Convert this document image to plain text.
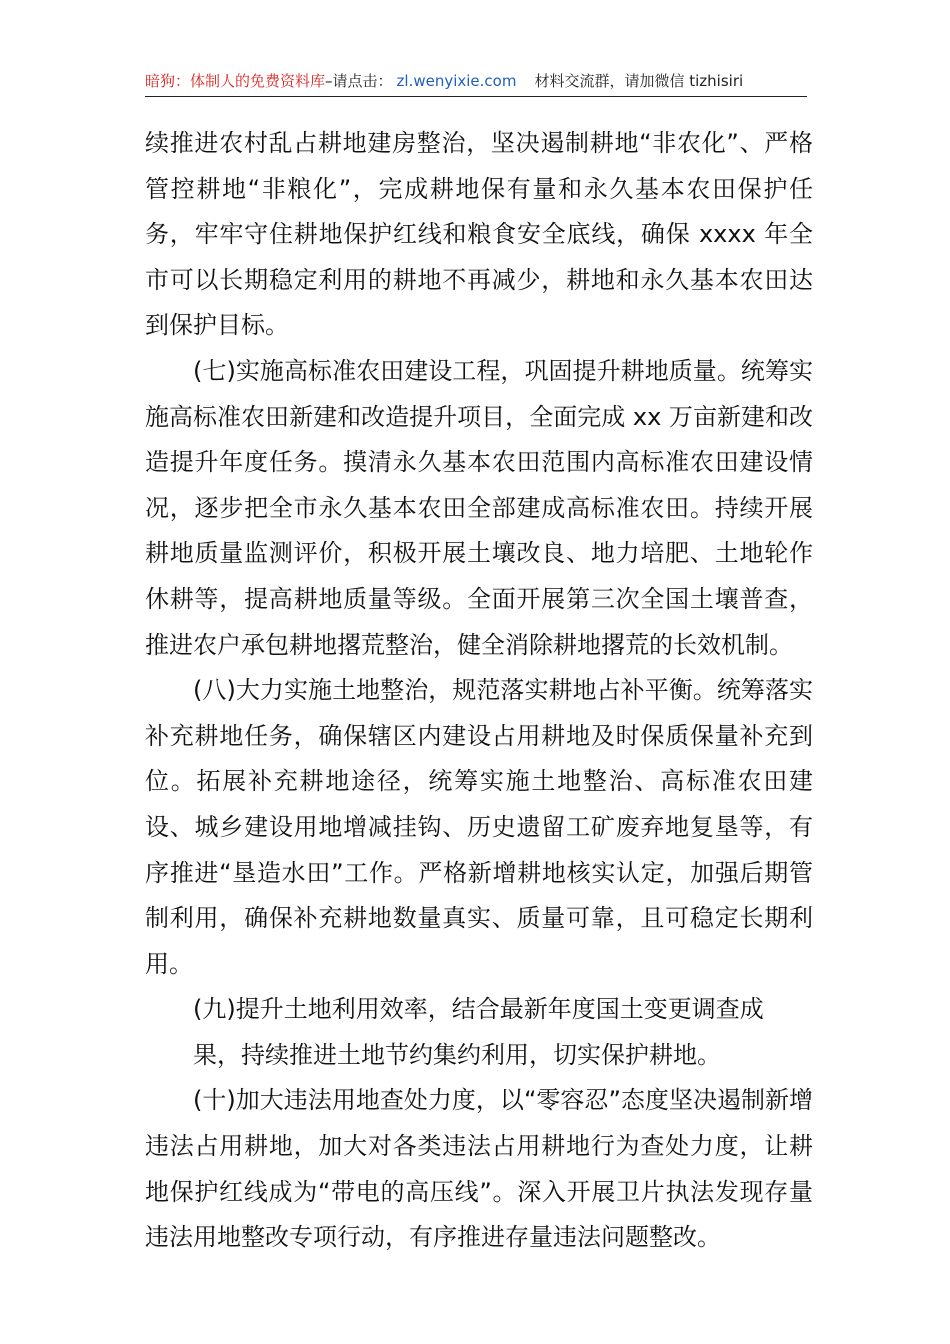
暗狗：体制人的免费资料库–请点击： zl.wenyixie.com 材料交流群，请加微信 tizhisiri

续推进农村乱占耕地建房整治，坚决遏制耕地“非农化”、严格管控耕地“非粮化”，完成耕地保有量和永久基本农田保护任务，牢牢守住耕地保护红线和粮食安全底线，确保 xxxx 年全市可以长期稳定利用的耕地不再减少，耕地和永久基本农田达到保护目标。

(七)实施高标准农田建设工程，巩固提升耕地质量。统筹实施高标准农田新建和改造提升项目，全面完成 xx 万亩新建和改造提升年度任务。摸清永久基本农田范围内高标准农田建设情况，逐步把全市永久基本农田全部建成高标准农田。持续开展耕地质量监测评价，积极开展土壤改良、地力培肥、土地轮作休耕等，提高耕地质量等级。全面开展第三次全国土壤普查，推进农户承包耕地撂荒整治，健全消除耕地撂荒的长效机制。

(八)大力实施土地整治，规范落实耕地占补平衡。统筹落实补充耕地任务，确保辖区内建设占用耕地及时保质保量补充到位。拓展补充耕地途径，统筹实施土地整治、高标准农田建设、城乡建设用地增减挂钩、历史遗留工矿废弃地复垦等，有序推进“垦造水田”工作。严格新增耕地核实认定，加强后期管制利用，确保补充耕地数量真实、质量可靠，且可稳定长期利用。

(九)提升土地利用效率，结合最新年度国土变更调查成

果，持续推进土地节约集约利用，切实保护耕地。

(十)加大违法用地查处力度，以“零容忍”态度坚决遏制新增违法占用耕地，加大对各类违法占用耕地行为查处力度，让耕地保护红线成为“带电的高压线”。深入开展卫片执法发现存量违法用地整改专项行动，有序推进存量违法问题整改。
